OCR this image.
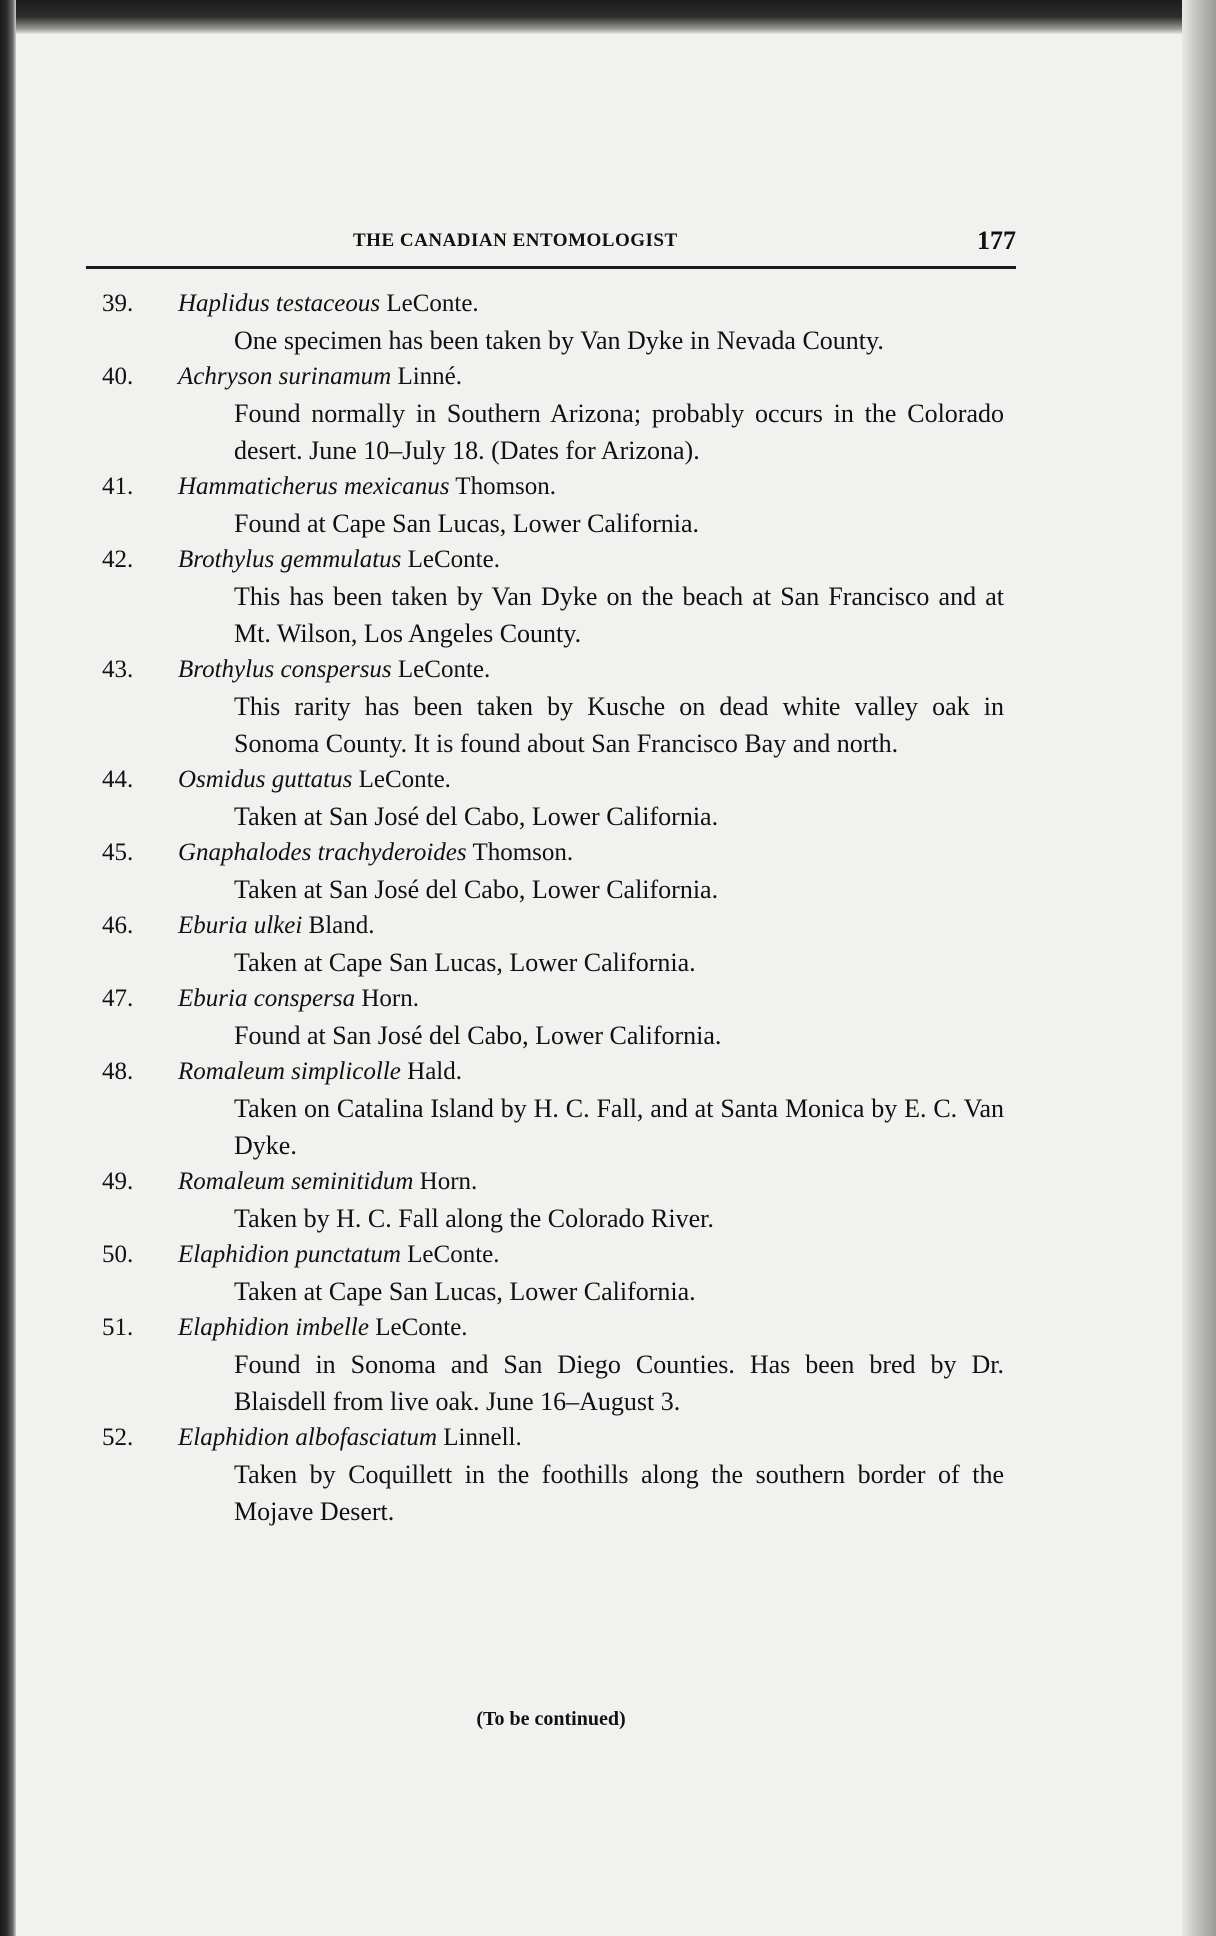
THE CANADIAN ENTOMOLOGIST	177
39.	Haplidus testaceous LeConte.
One specimen has been taken by Van Dyke in Nevada County.
40.	Achryson surinamum Linné.
Found normally in Southern Arizona; probably occurs in the Colorado desert. June 10–July 18. (Dates for Arizona).
41.	Hammaticherus mexicanus Thomson.
Found at Cape San Lucas, Lower California.
42.	Brothylus gemmulatus LeConte.
This has been taken by Van Dyke on the beach at San Francisco and at Mt. Wilson, Los Angeles County.
43.	Brothylus conspersus LeConte.
This rarity has been taken by Kusche on dead white valley oak in Sonoma County. It is found about San Francisco Bay and north.
44.	Osmidus guttatus LeConte.
Taken at San José del Cabo, Lower California.
45.	Gnaphalodes trachyderoides Thomson.
Taken at San José del Cabo, Lower California.
46.	Eburia ulkei Bland.
Taken at Cape San Lucas, Lower California.
47.	Eburia conspersa Horn.
Found at San José del Cabo, Lower California.
48.	Romaleum simplicolle Hald.
Taken on Catalina Island by H. C. Fall, and at Santa Monica by E. C. Van Dyke.
49.	Romaleum seminitidum Horn.
Taken by H. C. Fall along the Colorado River.
50.	Elaphidion punctatum LeConte.
Taken at Cape San Lucas, Lower California.
51.	Elaphidion imbelle LeConte.
Found in Sonoma and San Diego Counties. Has been bred by Dr. Blaisdell from live oak. June 16–August 3.
52.	Elaphidion albofasciatum Linnell.
Taken by Coquillett in the foothills along the southern border of the Mojave Desert.
(To be continued)
